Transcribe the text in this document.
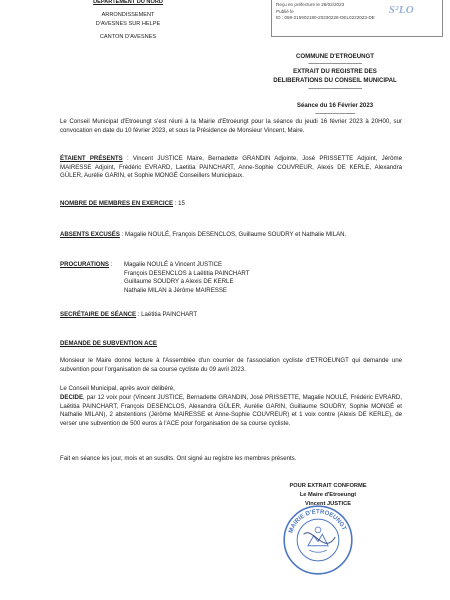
DÉPARTEMENT DU NORD
ARRONDISSEMENT
D'AVESNES SUR HELPE
CANTON D'AVESNES
Reçu en préfecture le 28/02/2023
Publié le
ID : 059-215902180-20230228-DEL0222023-DE
S²LO
COMMUNE D'ETROEUNGT
-----------------------------------
EXTRAIT DU REGISTRE DES
DELIBERATIONS DU CONSEIL MUNICIPAL
-----------------------------------
Séance du 16 Février 2023
--------------------------

Le Conseil Municipal d'Etroeungt s'est réuni à la Mairie d'Etroeungt pour la séance du jeudi 16 février 2023 à 20H00, sur convocation en date du 10 février 2023, et sous la Présidence de Monsieur Vincent, Maire.

ÉTAIENT PRÉSENTS : Vincent JUSTICE Maire, Bernadette GRANDIN Adjointe, José PRISSETTE Adjoint, Jérôme MAIRESSE Adjoint, Frédéric EVRARD, Laetitia PAINCHART, Anne-Sophie COUVREUR, Alexis DE KERLE, Alexandra GÜLER, Aurélie GARIN, et Sophie MONGÉ Conseillers Municipaux.

NOMBRE DE MEMBRES EN EXERCICE : 15

ABSENTS EXCUSÉS : Magalie NOULÉ, François DESENCLOS, Guillaume SOUDRY et Nathalie MILAN.

PROCURATIONS :	Magalie NOULÉ à Vincent JUSTICE
François DESENCLOS à Laëtitia PAINCHART
Guillaume SOUDRY à Alexis DE KERLE
Nathalie MILAN à Jérôme MAIRESSE

SECRÉTAIRE DE SÉANCE : Laëtitia PAINCHART

DEMANDE DE SUBVENTION ACE

Monsieur le Maire donne lecture à l'Assemblée d'un courrier de l'association cycliste d'ETROEUNGT qui demande une subvention pour l'organisation de sa course cycliste du 09 avril 2023.

Le Conseil Municipal, après avoir délibéré,

DECIDE, par 12 voix pour (Vincent JUSTICE, Bernadette GRANDIN, José PRISSETTE, Magalie NOULÉ, Frédéric EVRARD, Laëtitia PAINCHART, François DESENCLOS, Alexandra GÜLER, Aurélie GARIN, Guillaume SOUDRY, Sophie MONGÉ et Nathalie MILAN), 2 abstentions (Jérôme MAIRESSE et Anne-Sophie COUVREUR) et 1 voix contre (Alexis DE KERLE), de verser une subvention de 500 euros à l'ACE pour l'organisation de sa course cycliste.

Fait en séance les jour, mois et an susdits. Ont signé au registre les membres présents.

POUR EXTRAIT CONFORME
Le Maire d'Etroeungt
Vincent JUSTICE
MAIRIE D'ETROEUNGT
